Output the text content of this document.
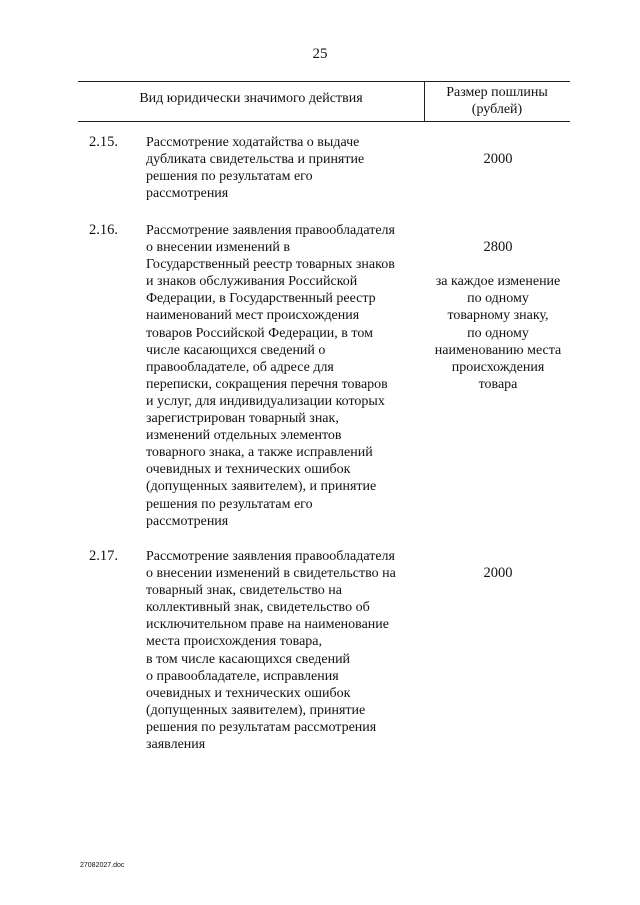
25
Вид юридически значимого действия	Размер пошлины
(рублей)
2.15. Рассмотрение ходатайства о выдаче
дубликата свидетельства и принятие
решения по результатам его
рассмотрения

2000

2.16. Рассмотрение заявления правообладателя
о внесении изменений в
Государственный реестр товарных знаков
и знаков обслуживания Российской
Федерации, в Государственный реестр
наименований мест происхождения
товаров Российской Федерации, в том
числе касающихся сведений о
правообладателе, об адресе для
переписки, сокращения перечня товаров
и услуг, для индивидуализации которых
зарегистрирован товарный знак,
изменений отдельных элементов
товарного знака, а также исправлений
очевидных и технических ошибок
(допущенных заявителем), и принятие
решения по результатам его
рассмотрения

2800

за каждое изменение
по одному
товарному знаку,
по одному
наименованию места
происхождения
товара

2.17. Рассмотрение заявления правообладателя
о внесении изменений в свидетельство на
товарный знак, свидетельство на
коллективный знак, свидетельство об
исключительном праве на наименование
места происхождения товара,
в том числе касающихся сведений
о правообладателе, исправления
очевидных и технических ошибок
(допущенных заявителем), принятие
решения по результатам рассмотрения
заявления

2000

27082027.doc
